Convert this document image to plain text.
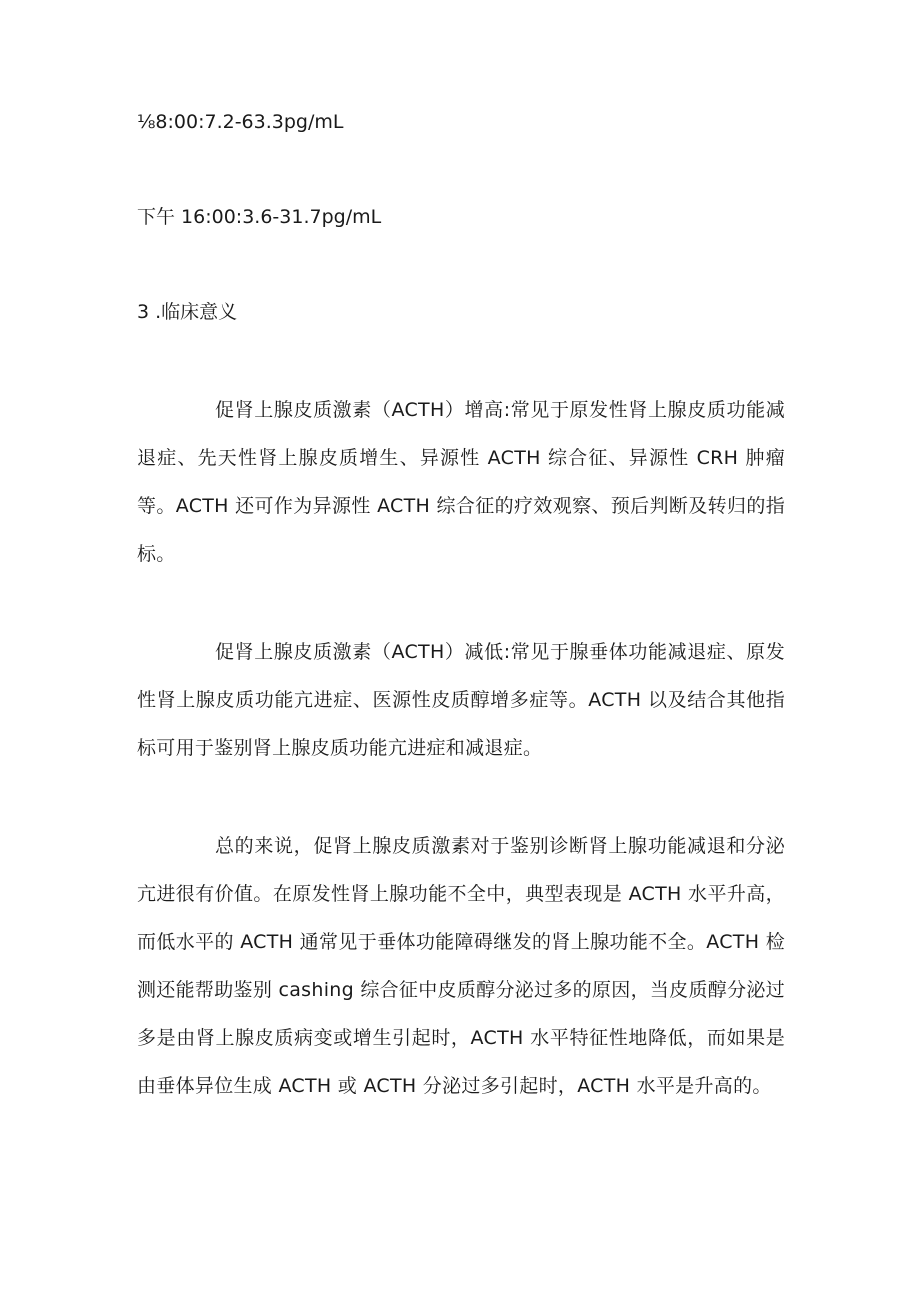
⅛8:00:7.2-63.3pg/mL

下午 16:00:3.6-31.7pg/mL

3 .临床意义

促肾上腺皮质激素（ACTH）增高:常见于原发性肾上腺皮质功能减退症、先天性肾上腺皮质增生、异源性 ACTH 综合征、异源性 CRH 肿瘤等。ACTH 还可作为异源性 ACTH 综合征的疗效观察、预后判断及转归的指标。

促肾上腺皮质激素（ACTH）减低:常见于腺垂体功能减退症、原发性肾上腺皮质功能亢进症、医源性皮质醇增多症等。ACTH 以及结合其他指标可用于鉴别肾上腺皮质功能亢进症和减退症。

总的来说，促肾上腺皮质激素对于鉴别诊断肾上腺功能减退和分泌亢进很有价值。在原发性肾上腺功能不全中，典型表现是 ACTH 水平升高，而低水平的 ACTH 通常见于垂体功能障碍继发的肾上腺功能不全。ACTH 检测还能帮助鉴别 cashing 综合征中皮质醇分泌过多的原因，当皮质醇分泌过多是由肾上腺皮质病变或增生引起时，ACTH 水平特征性地降低，而如果是由垂体异位生成 ACTH 或 ACTH 分泌过多引起时，ACTH 水平是升高的。
